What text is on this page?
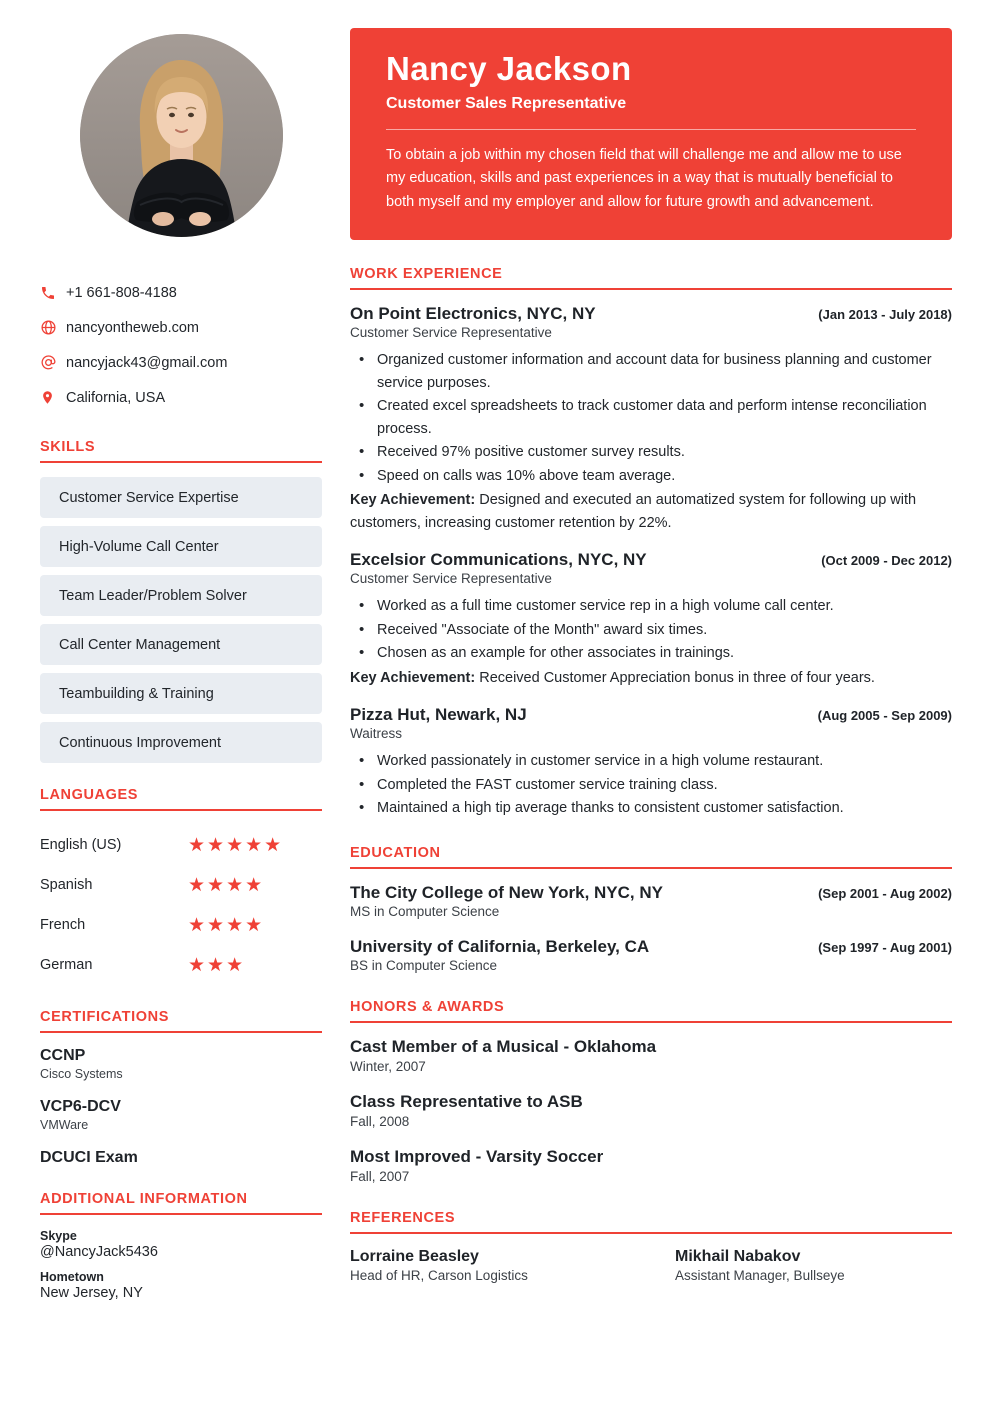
+1 661-808-4188
nancyontheweb.com
nancyjack43@gmail.com
California, USA
SKILLS
Customer Service Expertise
High-Volume Call Center
Team Leader/Problem Solver
Call Center Management
Teambuilding & Training
Continuous Improvement
LANGUAGES
English (US)	★★★★★
Spanish	★★★★
French	★★★★
German	★★★
CERTIFICATIONS
CCNP
Cisco Systems
VCP6-DCV
VMWare
DCUCI Exam
ADDITIONAL INFORMATION
Skype
@NancyJack5436
Hometown
New Jersey, NY
Nancy Jackson
Customer Sales Representative

To obtain a job within my chosen field that will challenge me and allow me to use my education, skills and past experiences in a way that is mutually beneficial to both myself and my employer and allow for future growth and advancement.

WORK EXPERIENCE
On Point Electronics, NYC, NY	(Jan 2013 - July 2018)
Customer Service Representative
• Organized customer information and account data for business planning and customer service purposes.
• Created excel spreadsheets to track customer data and perform intense reconciliation process.
• Received 97% positive customer survey results.
• Speed on calls was 10% above team average.
Key Achievement: Designed and executed an automatized system for following up with customers, increasing customer retention by 22%.
Excelsior Communications, NYC, NY	(Oct 2009 - Dec 2012)
Customer Service Representative
• Worked as a full time customer service rep in a high volume call center.
• Received "Associate of the Month" award six times.
• Chosen as an example for other associates in trainings.
Key Achievement: Received Customer Appreciation bonus in three of four years.
Pizza Hut, Newark, NJ	(Aug 2005 - Sep 2009)
Waitress
• Worked passionately in customer service in a high volume restaurant.
• Completed the FAST customer service training class.
• Maintained a high tip average thanks to consistent customer satisfaction.
EDUCATION
The City College of New York, NYC, NY	(Sep 2001 - Aug 2002)
MS in Computer Science
University of California, Berkeley, CA	(Sep 1997 - Aug 2001)
BS in Computer Science
HONORS & AWARDS
Cast Member of a Musical - Oklahoma
Winter, 2007
Class Representative to ASB
Fall, 2008
Most Improved - Varsity Soccer
Fall, 2007
REFERENCES
Lorraine Beasley
Head of HR, Carson Logistics
Mikhail Nabakov
Assistant Manager, Bullseye
